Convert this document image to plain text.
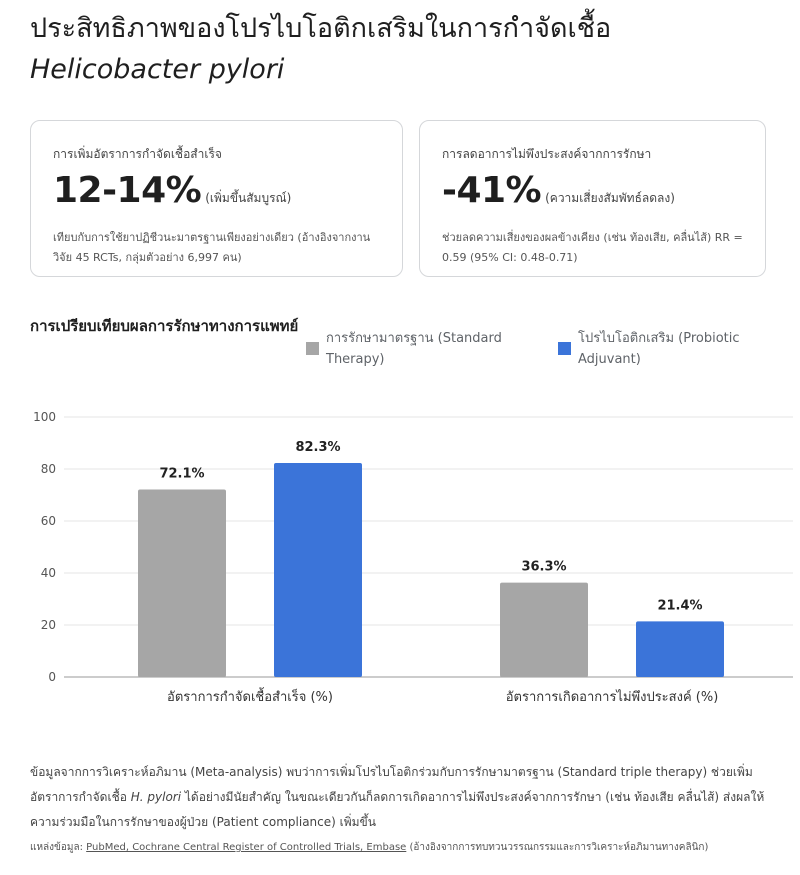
ประสิทธิภาพของโปรไบโอติกเสริมในการกำจัดเชื้อ Helicobacter pylori
การเพิ่มอัตราการกำจัดเชื้อสำเร็จ
12-14% (เพิ่มขึ้นสัมบูรณ์)
เทียบกับการใช้ยาปฏิชีวนะมาตรฐานเพียงอย่างเดียว (อ้างอิงจากงานวิจัย 45 RCTs, กลุ่มตัวอย่าง 6,997 คน)
การลดอาการไม่พึงประสงค์จากการรักษา
-41% (ความเสี่ยงสัมพัทธ์ลดลง)
ช่วยลดความเสี่ยงของผลข้างเคียง (เช่น ท้องเสีย, คลื่นไส้) RR = 0.59 (95% CI: 0.48-0.71)
การเปรียบเทียบผลการรักษาทางการแพทย์
การรักษามาตรฐาน (Standard Therapy)
โปรไบโอติกเสริม (Probiotic Adjuvant)
0
20
40
60
80
100
72.1%
82.3%
อัตราการกำจัดเชื้อสำเร็จ (%)
36.3%
21.4%
อัตราการเกิดอาการไม่พึงประสงค์ (%)
ข้อมูลจากการวิเคราะห์อภิมาน (Meta-analysis) พบว่าการเพิ่มโปรไบโอติกร่วมกับการรักษามาตรฐาน (Standard triple therapy) ช่วยเพิ่มอัตราการกำจัดเชื้อ H. pylori ได้อย่างมีนัยสำคัญ ในขณะเดียวกันก็ลดการเกิดอาการไม่พึงประสงค์จากการรักษา (เช่น ท้องเสีย คลื่นไส้) ส่งผลให้ความร่วมมือในการรักษาของผู้ป่วย (Patient compliance) เพิ่มขึ้น
แหล่งข้อมูล: PubMed, Cochrane Central Register of Controlled Trials, Embase (อ้างอิงจากการทบทวนวรรณกรรมและการวิเคราะห์อภิมานทางคลินิก)
